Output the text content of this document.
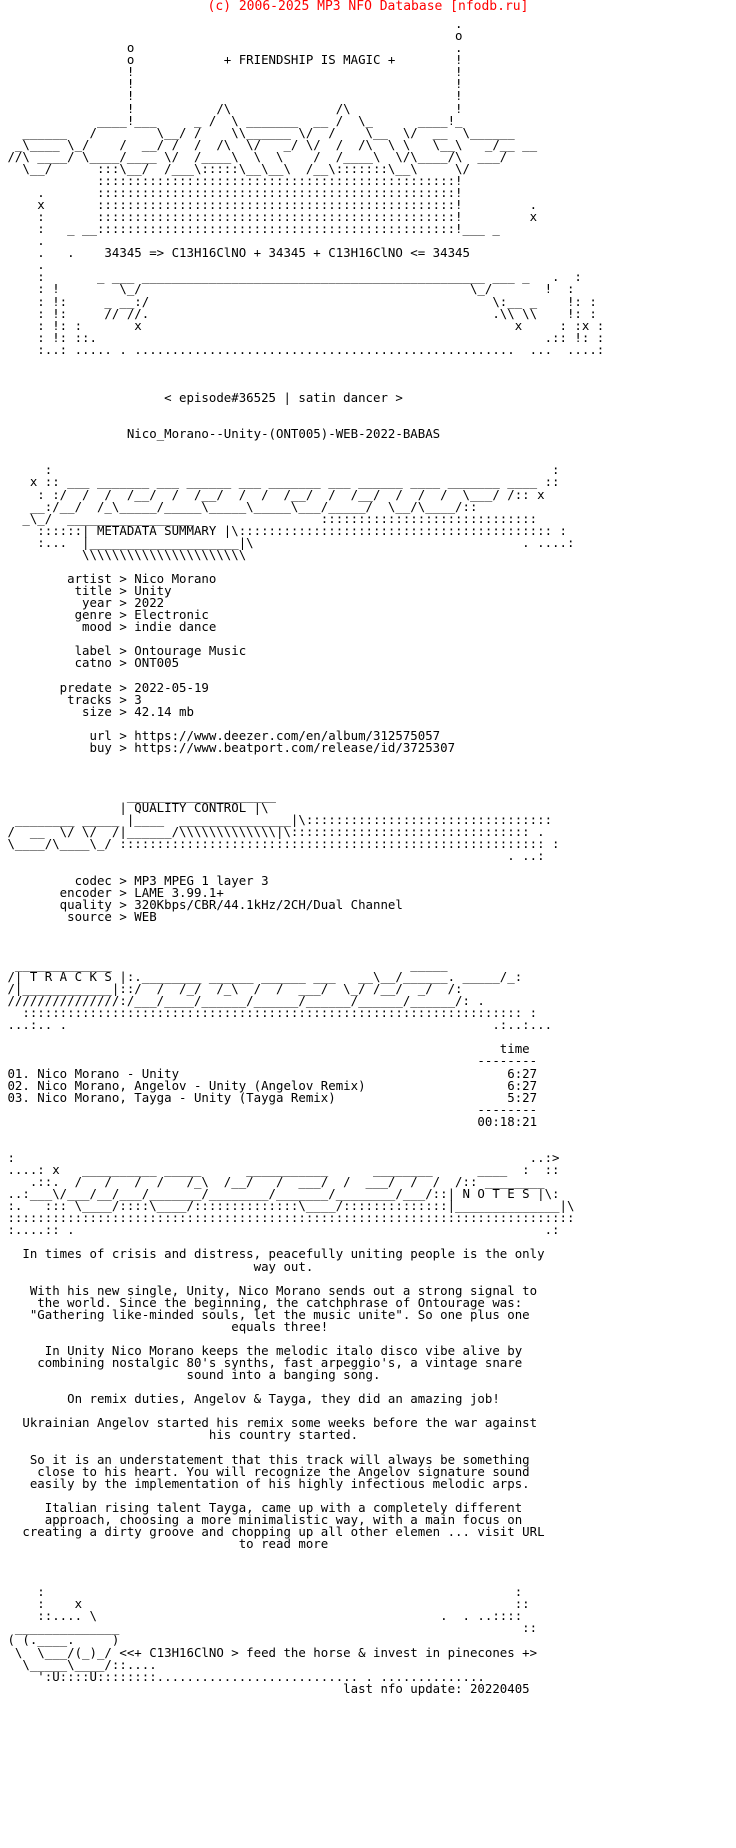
(c) 2006-2025 MP3 NFO Database [nfodb.ru]

.
o
o                                           .
o            + FRIENDSHIP IS MAGIC +        !
!                                           !
!                                           !
!                                           !
!           /\              /\              !
____!___     _ /  \ _______  __ /  \_      ____!_
______   /        \__/ /    \\______ \/  /    \__  \/  __  \______
_\____ \_/    /  __/ /  /  /\  \/   _/ \/  /  /\  \ \   \__\   _/__ __
//\ ____/ \____/____ \/  /____\  \  \    /  /____\  \/\____/\  ___/
\__/      :::\__/  /___\:::::\__\__\  /__\:::::::\__\     \/
::::::::::::::::::::::::::::::::::::::::::::::::!
.       ::::::::::::::::::::::::::::::::::::::::::::::::!
x       ::::::::::::::::::::::::::::::::::::::::::::::::!         .
:       ::::::::::::::::::::::::::::::::::::::::::::::::!         x
:   _ __::::::::::::::::::::::::::::::::::::::::::::::::!___ _
.
.   .    34345 => C13H16ClNO + 34345 + C13H16ClNO <= 34345
.
:       _ ___ ______________________________________________ ___ _   .  :
: !        \_/                                            \_/       !  :
: !:     _ __:/                                              \:__ _    !: :
: !:     // //.                                              .\\ \\    !: :
: !: :       x                                                  x     : :x :
: !: ::.                                                            .:: !: :
:..: ..... . ...................................................  ...  ....:

< episode#36525 | satin dancer >

Nico_Morano--Unity-(ONT005)-WEB-2022-BABAS

:                                                                   :
x :: ___ _______ ___ ______ ___ _______ ___ ______ ____ _______ ____ ::
: :/  /  /  /__/  /  /__/  /  /  /__/  /  /__/  /  /  /  \___/ /:: x
__:/__/  /_\_____/_____\_____\_____\___/_____/  \__/\____/::
_\_/  _________________                 :::::::::::::::::::::::::::::
::::::| METADATA SUMMARY |\:::::::::::::::::::::::::::::::::::::::::: :
:...  |____________________|\                                    . ....:
\\\\\\\\\\\\\\\\\\\\\\

artist > Nico Morano
title > Unity
year > 2022
genre > Electronic
mood > indie dance

label > Ontourage Music
catno > ONT005

predate > 2022-05-19
tracks > 3
size > 42.14 mb

url > https://www.deezer.com/en/album/312575057
buy > https://www.beatport.com/release/id/3725307

____________________
| QUALITY CONTROL |\
________ _____ |____  _______________|\:::::::::::::::::::::::::::::::::
/  __  \/ \/  /|______/\\\\\\\\\\\\\|\:::::::::::::::::::::::::::::::: .
\____/\____\_/ ::::::::::::::::::::::::::::::::::::::::::::::::::::::::: :
. ..:

codec > MP3 MPEG 1 layer 3
encoder > LAME 3.99.1+
quality > 320Kbps/CBR/44.1kHz/2CH/Dual Channel
source > WEB

_____________                                        _____
/| T R A C K S |:.________ ______ ______ ___   __\__/______. _____/_:
/|____________|::/  /  /_/  /_\  /  /  ___/  \_/ /__/  _/  /:
///////////////:/___/____/______/______/______/______/______/: .
::::::::::::::::::::::::::::::::::::::::::::::::::::::::::::::::::: :
...:.. .                                                         .:..:...

time
--------
01. Nico Morano - Unity                                            6:27
02. Nico Morano, Angelov - Unity (Angelov Remix)                   6:27
03. Nico Morano, Tayga - Unity (Tayga Remix)                       5:27
--------
00:18:21

:                                                                     ..:>
....: x   __________ _____      ___________      ________      ____  :  ::
.::.  /   /   /  /   /_\  /__/   /  ___/  /  ___/  /  /  /:: ________
..:___\/___/__/___/_______/________/_______/________/___/::| N O T E S |\:
:.   ::: \____/::::\____/::::::::::::::\____/::::::::::::::|______________|\
::::::::::::::::::::::::::::::::::::::::::::::::::::::::::::::::::::::::::::
:....:: .                                                               .:

In times of crisis and distress, peacefully uniting people is the only
way out.

With his new single, Unity, Nico Morano sends out a strong signal to
the world. Since the beginning, the catchphrase of Ontourage was:
"Gathering like-minded souls, let the music unite". So one plus one
equals three!

In Unity Nico Morano keeps the melodic italo disco vibe alive by
combining nostalgic 80's synths, fast arpeggio's, a vintage snare
sound into a banging song.

On remix duties, Angelov & Tayga, they did an amazing job!

Ukrainian Angelov started his remix some weeks before the war against
his country started.

So it is an understatement that this track will always be something
close to his heart. You will recognize the Angelov signature sound
easily by the implementation of his highly infectious melodic arps.

Italian rising talent Tayga, came up with a completely different
approach, choosing a more minimalistic way, with a main focus on
creating a dirty groove and chopping up all other elemen ... visit URL
to read more

:                                                               :
:    x                                                          ::
::.... \                                              .  . ..::::
______________                                                      ::
( (.____.     )
\  \___/(_)_/ <<+ C13H16ClNO > feed the horse & invest in pinecones +>
\_____\____/::....
':U::::U::::::::........................... . ..............
last nfo update: 20220405
